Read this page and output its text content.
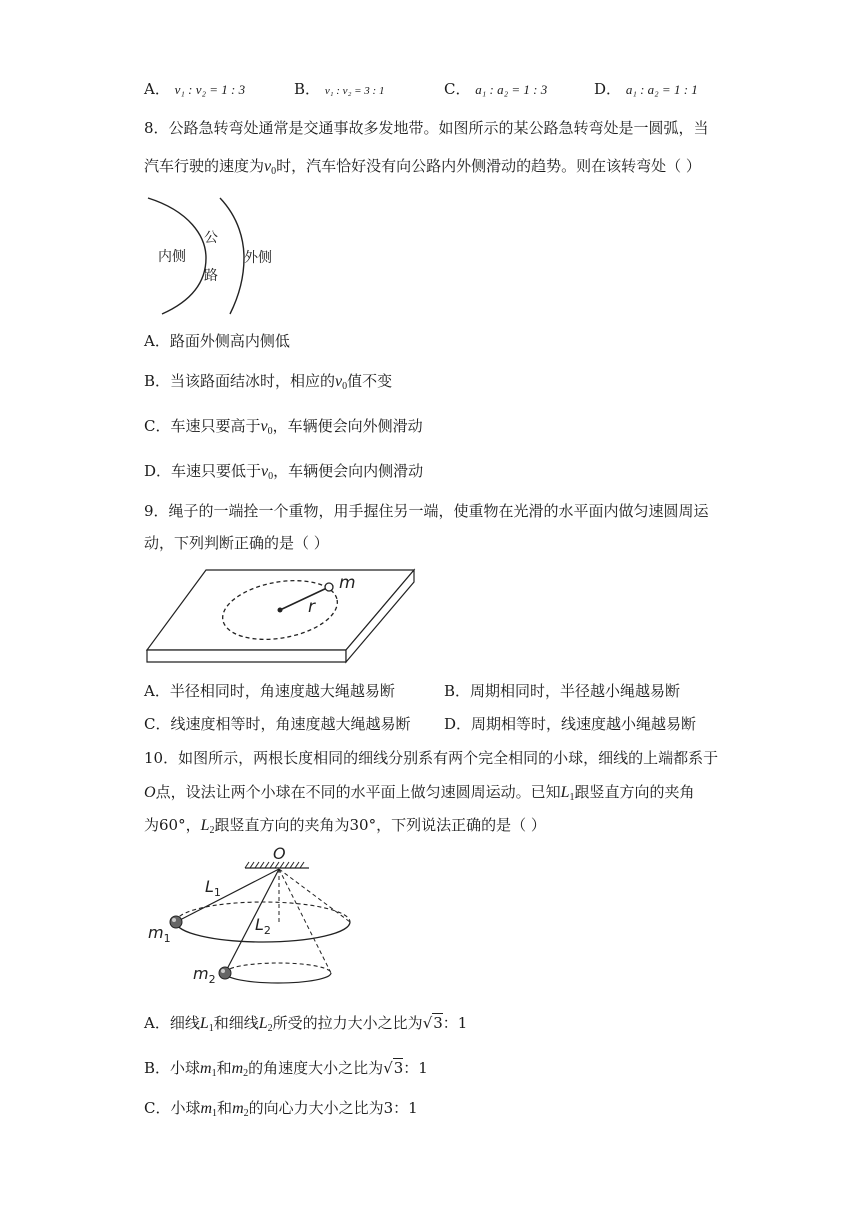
A． v₁ : v₂ = 1 : 3	B． v₁ : v₂ = 3 : 1	C． a₁ : a₂ = 1 : 3	D． a₁ : a₂ = 1 : 1
8．公路急转弯处通常是交通事故多发地带。如图所示的某公路急转弯处是一圆弧，当
汽车行驶的速度为$v_0$时，汽车恰好没有向公路内外侧滑动的趋势。则在该转弯处（ ）
内侧
公
路
外侧
A．路面外侧高内侧低
B．当该路面结冰时，相应的$v_0$值不变
C．车速只要高于$v_0$，车辆便会向外侧滑动
D．车速只要低于$v_0$，车辆便会向内侧滑动
9．绳子的一端拴一个重物，用手握住另一端，使重物在光滑的水平面内做匀速圆周运
动，下列判断正确的是（ ）
m
r
A．半径相同时，角速度越大绳越易断	B．周期相同时，半径越小绳越易断
C．线速度相等时，角速度越大绳越易断 D．周期相等时，线速度越小绳越易断
10．如图所示，两根长度相同的细线分别系有两个完全相同的小球，细线的上端都系于
O点，设法让两个小球在不同的水平面上做匀速圆周运动。已知$L_1$跟竖直方向的夹角
为60°，$L_2$跟竖直方向的夹角为30°，下列说法正确的是（ ）
O
$L_1$
$L_2$
$m_1$
$m_2$
A．细线$L_1$和细线$L_2$所受的拉力大小之比为√3：1
B．小球$m_1$和$m_2$的角速度大小之比为√3：1
C．小球$m_1$和$m_2$的向心力大小之比为3：1
